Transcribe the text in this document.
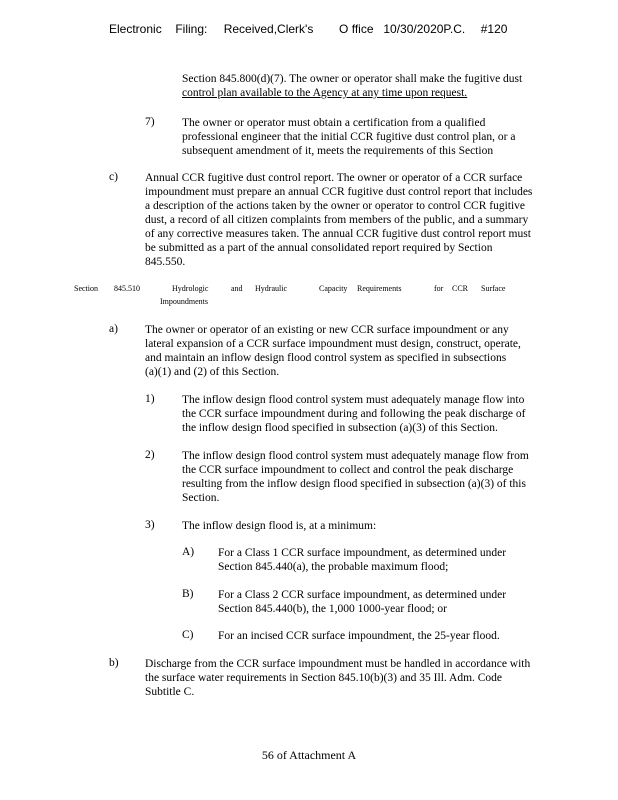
Electronic Filing: Received,Clerk's O ffice 10/30/2020P.C. #120
Section 845.800(d)(7). The owner or operator shall make the fugitive dust
control plan available to the Agency at any time upon request.
7) The owner or operator must obtain a certification from a qualified
professional engineer that the initial CCR fugitive dust control plan, or a
subsequent amendment of it, meets the requirements of this Section
c) Annual CCR fugitive dust control report. The owner or operator of a CCR surface
impoundment must prepare an annual CCR fugitive dust control report that includes
a description of the actions taken by the owner or operator to control CCR fugitive
dust, a record of all citizen complaints from members of the public, and a summary
of any corrective measures taken. The annual CCR fugitive dust control report must
be submitted as a part of the annual consolidated report required by Section
845.550.
Section 845.510	Hydrologic	and Hydraulic	Capacity Requirements	for CCR Surface
Impoundments
a) The owner or operator of an existing or new CCR surface impoundment or any
lateral expansion of a CCR surface impoundment must design, construct, operate,
and maintain an inflow design flood control system as specified in subsections
(a)(1) and (2) of this Section.
1) The inflow design flood control system must adequately manage flow into
the CCR surface impoundment during and following the peak discharge of
the inflow design flood specified in subsection (a)(3) of this Section.
2) The inflow design flood control system must adequately manage flow from
the CCR surface impoundment to collect and control the peak discharge
resulting from the inflow design flood specified in subsection (a)(3) of this
Section.
3) The inflow design flood is, at a minimum:
A) For a Class 1 CCR surface impoundment, as determined under
Section 845.440(a), the probable maximum flood;
B) For a Class 2 CCR surface impoundment, as determined under
Section 845.440(b), the 1,000 1000-year flood; or
C) For an incised CCR surface impoundment, the 25-year flood.
b) Discharge from the CCR surface impoundment must be handled in accordance with
the surface water requirements in Section 845.10(b)(3) and 35 Ill. Adm. Code
Subtitle C.
56 of Attachment A
